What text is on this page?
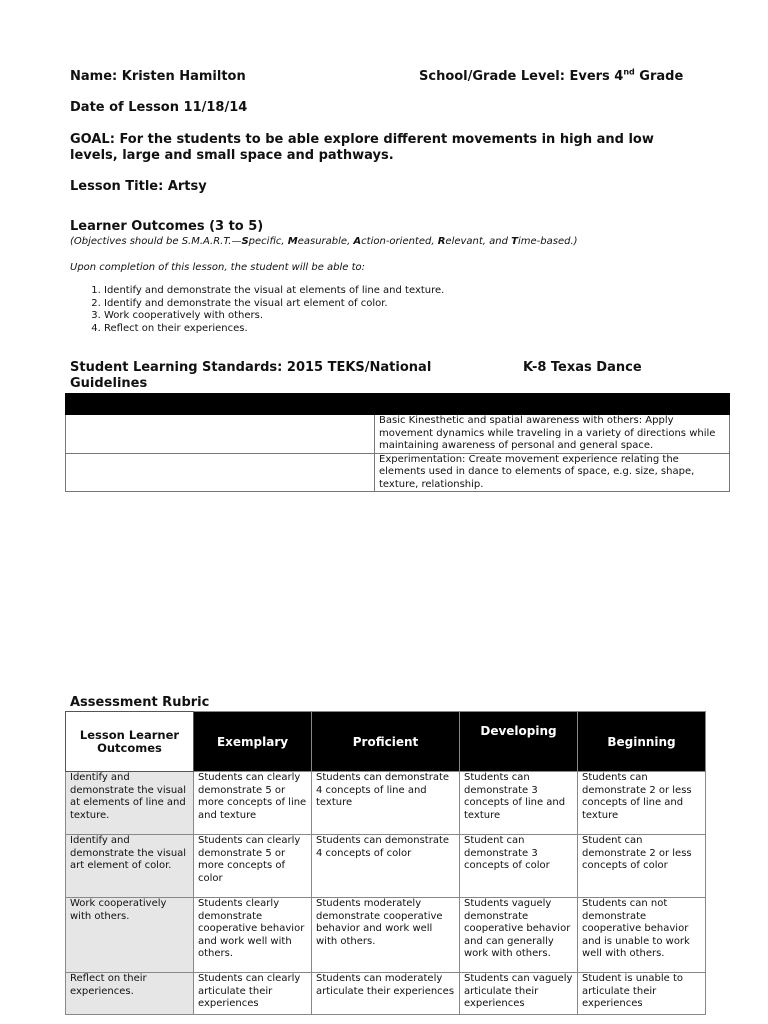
Name: Kristen Hamilton	School/Grade Level: Evers 4nd Grade
Date of Lesson 11/18/14
GOAL: For the students to be able explore different movements in high and low
levels, large and small space and pathways.
Lesson Title: Artsy
Learner Outcomes (3 to 5)
(Objectives should be S.M.A.R.T.—Specific, Measurable, Action-oriented, Relevant, and Time-based.)
Upon completion of this lesson, the student will be able to:
1. Identify and demonstrate the visual at elements of line and texture.
2. Identify and demonstrate the visual art element of color.
3. Work cooperatively with others.
4. Reflect on their experiences.
Student Learning Standards: 2015 TEKS/National	K-8 Texas Dance
Guidelines

	Basic Kinesthetic and spatial awareness with others: Apply movement dynamics while traveling in a variety of directions while maintaining awareness of personal and general space.
	Experimentation: Create movement experience relating the elements used in dance to elements of space, e.g. size, shape, texture, relationship.
Assessment Rubric
Lesson Learner Outcomes	Exemplary	Proficient	Developing	Beginning
Identify and demonstrate the visual at elements of line and texture.	Students can clearly demonstrate 5 or more concepts of line and texture	Students can demonstrate 4 concepts of line and texture	Students can demonstrate 3 concepts of line and texture	Students can demonstrate 2 or less concepts of line and texture
Identify and demonstrate the visual art element of color.	Students can clearly demonstrate 5 or more concepts of color	Students can demonstrate 4 concepts of color	Student can demonstrate 3 concepts of color	Student can demonstrate 2 or less concepts of color
Work cooperatively with others.	Students clearly demonstrate cooperative behavior and work well with others.	Students moderately demonstrate cooperative behavior and work well with others.	Students vaguely demonstrate cooperative behavior and can generally work with others.	Students can not demonstrate cooperative behavior and is unable to work well with others.
Reflect on their experiences.	Students can clearly articulate their experiences	Students can moderately articulate their experiences	Students can vaguely articulate their experiences	Student is unable to articulate their experiences
